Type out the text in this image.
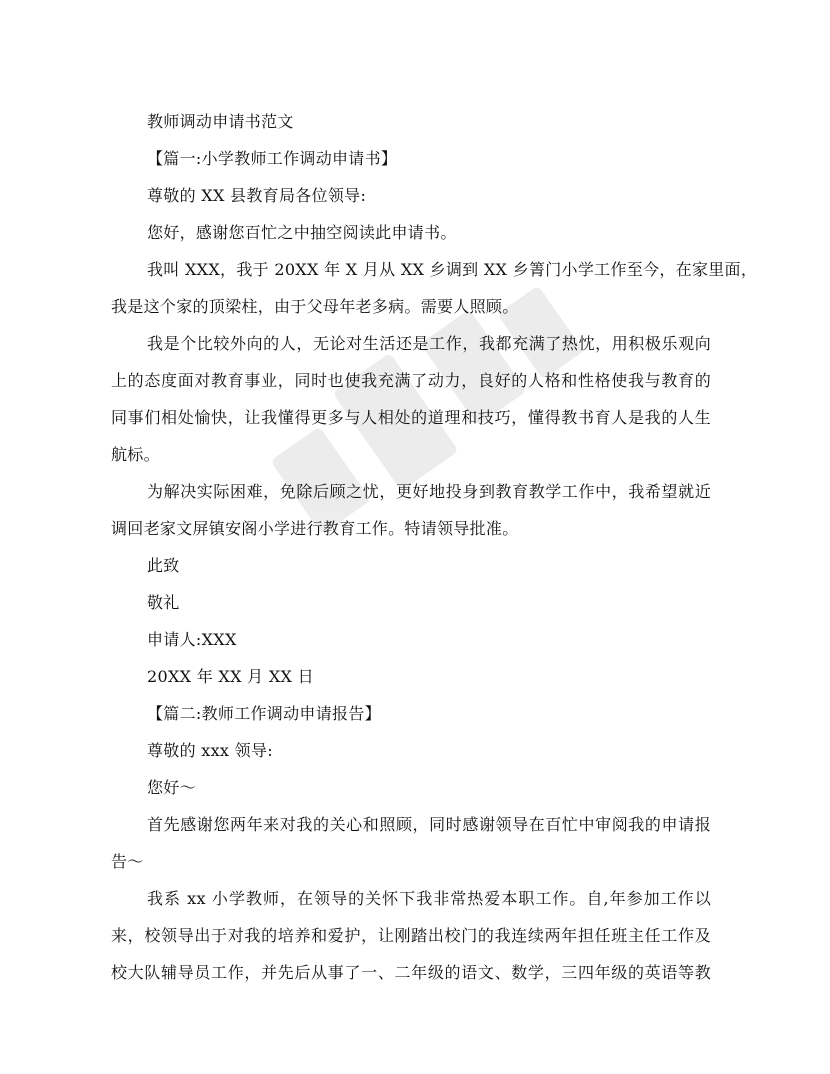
教师调动申请书范文
【篇一:小学教师工作调动申请书】
尊敬的 XX 县教育局各位领导:
您好，感谢您百忙之中抽空阅读此申请书。
我叫 XXX，我于 20XX 年 X 月从 XX 乡调到 XX 乡箐门小学工作至今，在家里面，
我是这个家的顶梁柱，由于父母年老多病。需要人照顾。
我是个比较外向的人，无论对生活还是工作，我都充满了热忱，用积极乐观向
上的态度面对教育事业，同时也使我充满了动力，良好的人格和性格使我与教育的
同事们相处愉快，让我懂得更多与人相处的道理和技巧，懂得教书育人是我的人生
航标。
为解决实际困难，免除后顾之忧，更好地投身到教育教学工作中，我希望就近
调回老家文屏镇安阁小学进行教育工作。特请领导批准。
此致
敬礼
申请人:XXX
20XX 年 XX 月 XX 日
【篇二:教师工作调动申请报告】
尊敬的 xxx 领导:
您好～
首先感谢您两年来对我的关心和照顾，同时感谢领导在百忙中审阅我的申请报
告～
我系 xx 小学教师，在领导的关怀下我非常热爱本职工作。自,年参加工作以
来，校领导出于对我的培养和爱护，让刚踏出校门的我连续两年担任班主任工作及
校大队辅导员工作，并先后从事了一、二年级的语文、数学，三四年级的英语等教
